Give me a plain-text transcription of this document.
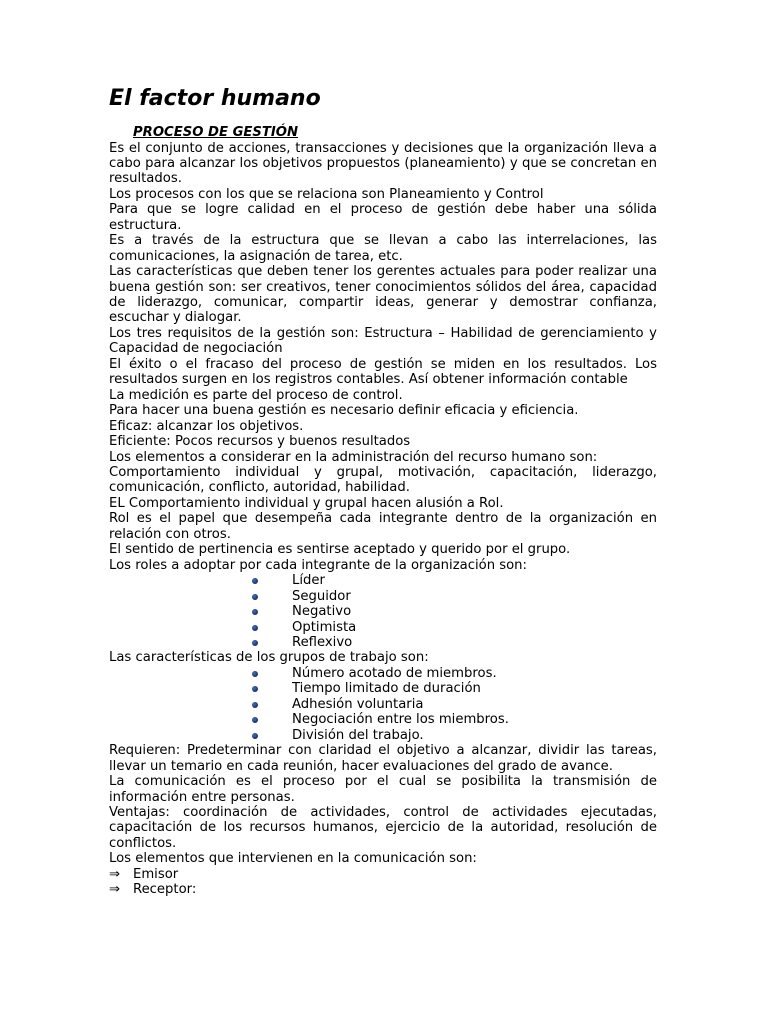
El factor humano
PROCESO DE GESTIÓN

Es el conjunto de acciones, transacciones y decisiones que la organización lleva a cabo para alcanzar los objetivos propuestos (planeamiento) y que se concretan en resultados.

Los procesos con los que se relaciona son Planeamiento y Control

Para que se logre calidad en el proceso de gestión debe haber una sólida estructura.

Es a través de la estructura que se llevan a cabo las interrelaciones, las comunicaciones, la asignación de tarea, etc.

Las características que deben tener los gerentes actuales para poder realizar una buena gestión son: ser creativos, tener conocimientos sólidos del área, capacidad de liderazgo, comunicar, compartir ideas, generar y demostrar confianza, escuchar y dialogar.

Los tres requisitos de la gestión son: Estructura – Habilidad de gerenciamiento y Capacidad de negociación

El éxito o el fracaso del proceso de gestión se miden en los resultados. Los resultados surgen en los registros contables. Así obtener información contable

La medición es parte del proceso de control.

Para hacer una buena gestión es necesario definir eficacia y eficiencia.

Eficaz: alcanzar los objetivos.

Eficiente: Pocos recursos y buenos resultados

Los elementos a considerar en la administración del recurso humano son:

Comportamiento individual y grupal, motivación, capacitación, liderazgo, comunicación, conflicto, autoridad, habilidad.

EL Comportamiento individual y grupal hacen alusión a Rol.

Rol es el papel que desempeña cada integrante dentro de la organización en relación con otros.

El sentido de pertinencia es sentirse aceptado y querido por el grupo.

Los roles a adoptar por cada integrante de la organización son:

Líder
Seguidor
Negativo
Optimista
Reflexivo

Las características de los grupos de trabajo son:

Número acotado de miembros.
Tiempo limitado de duración
Adhesión voluntaria
Negociación entre los miembros.
División del trabajo.

Requieren: Predeterminar con claridad el objetivo a alcanzar, dividir las tareas, llevar un temario en cada reunión, hacer evaluaciones del grado de avance.

La comunicación es el proceso por el cual se posibilita la transmisión de información entre personas.

Ventajas: coordinación de actividades, control de actividades ejecutadas, capacitación de los recursos humanos, ejercicio de la autoridad, resolución de conflictos.

Los elementos que intervienen en la comunicación son:

⇒ Emisor
⇒ Receptor:
